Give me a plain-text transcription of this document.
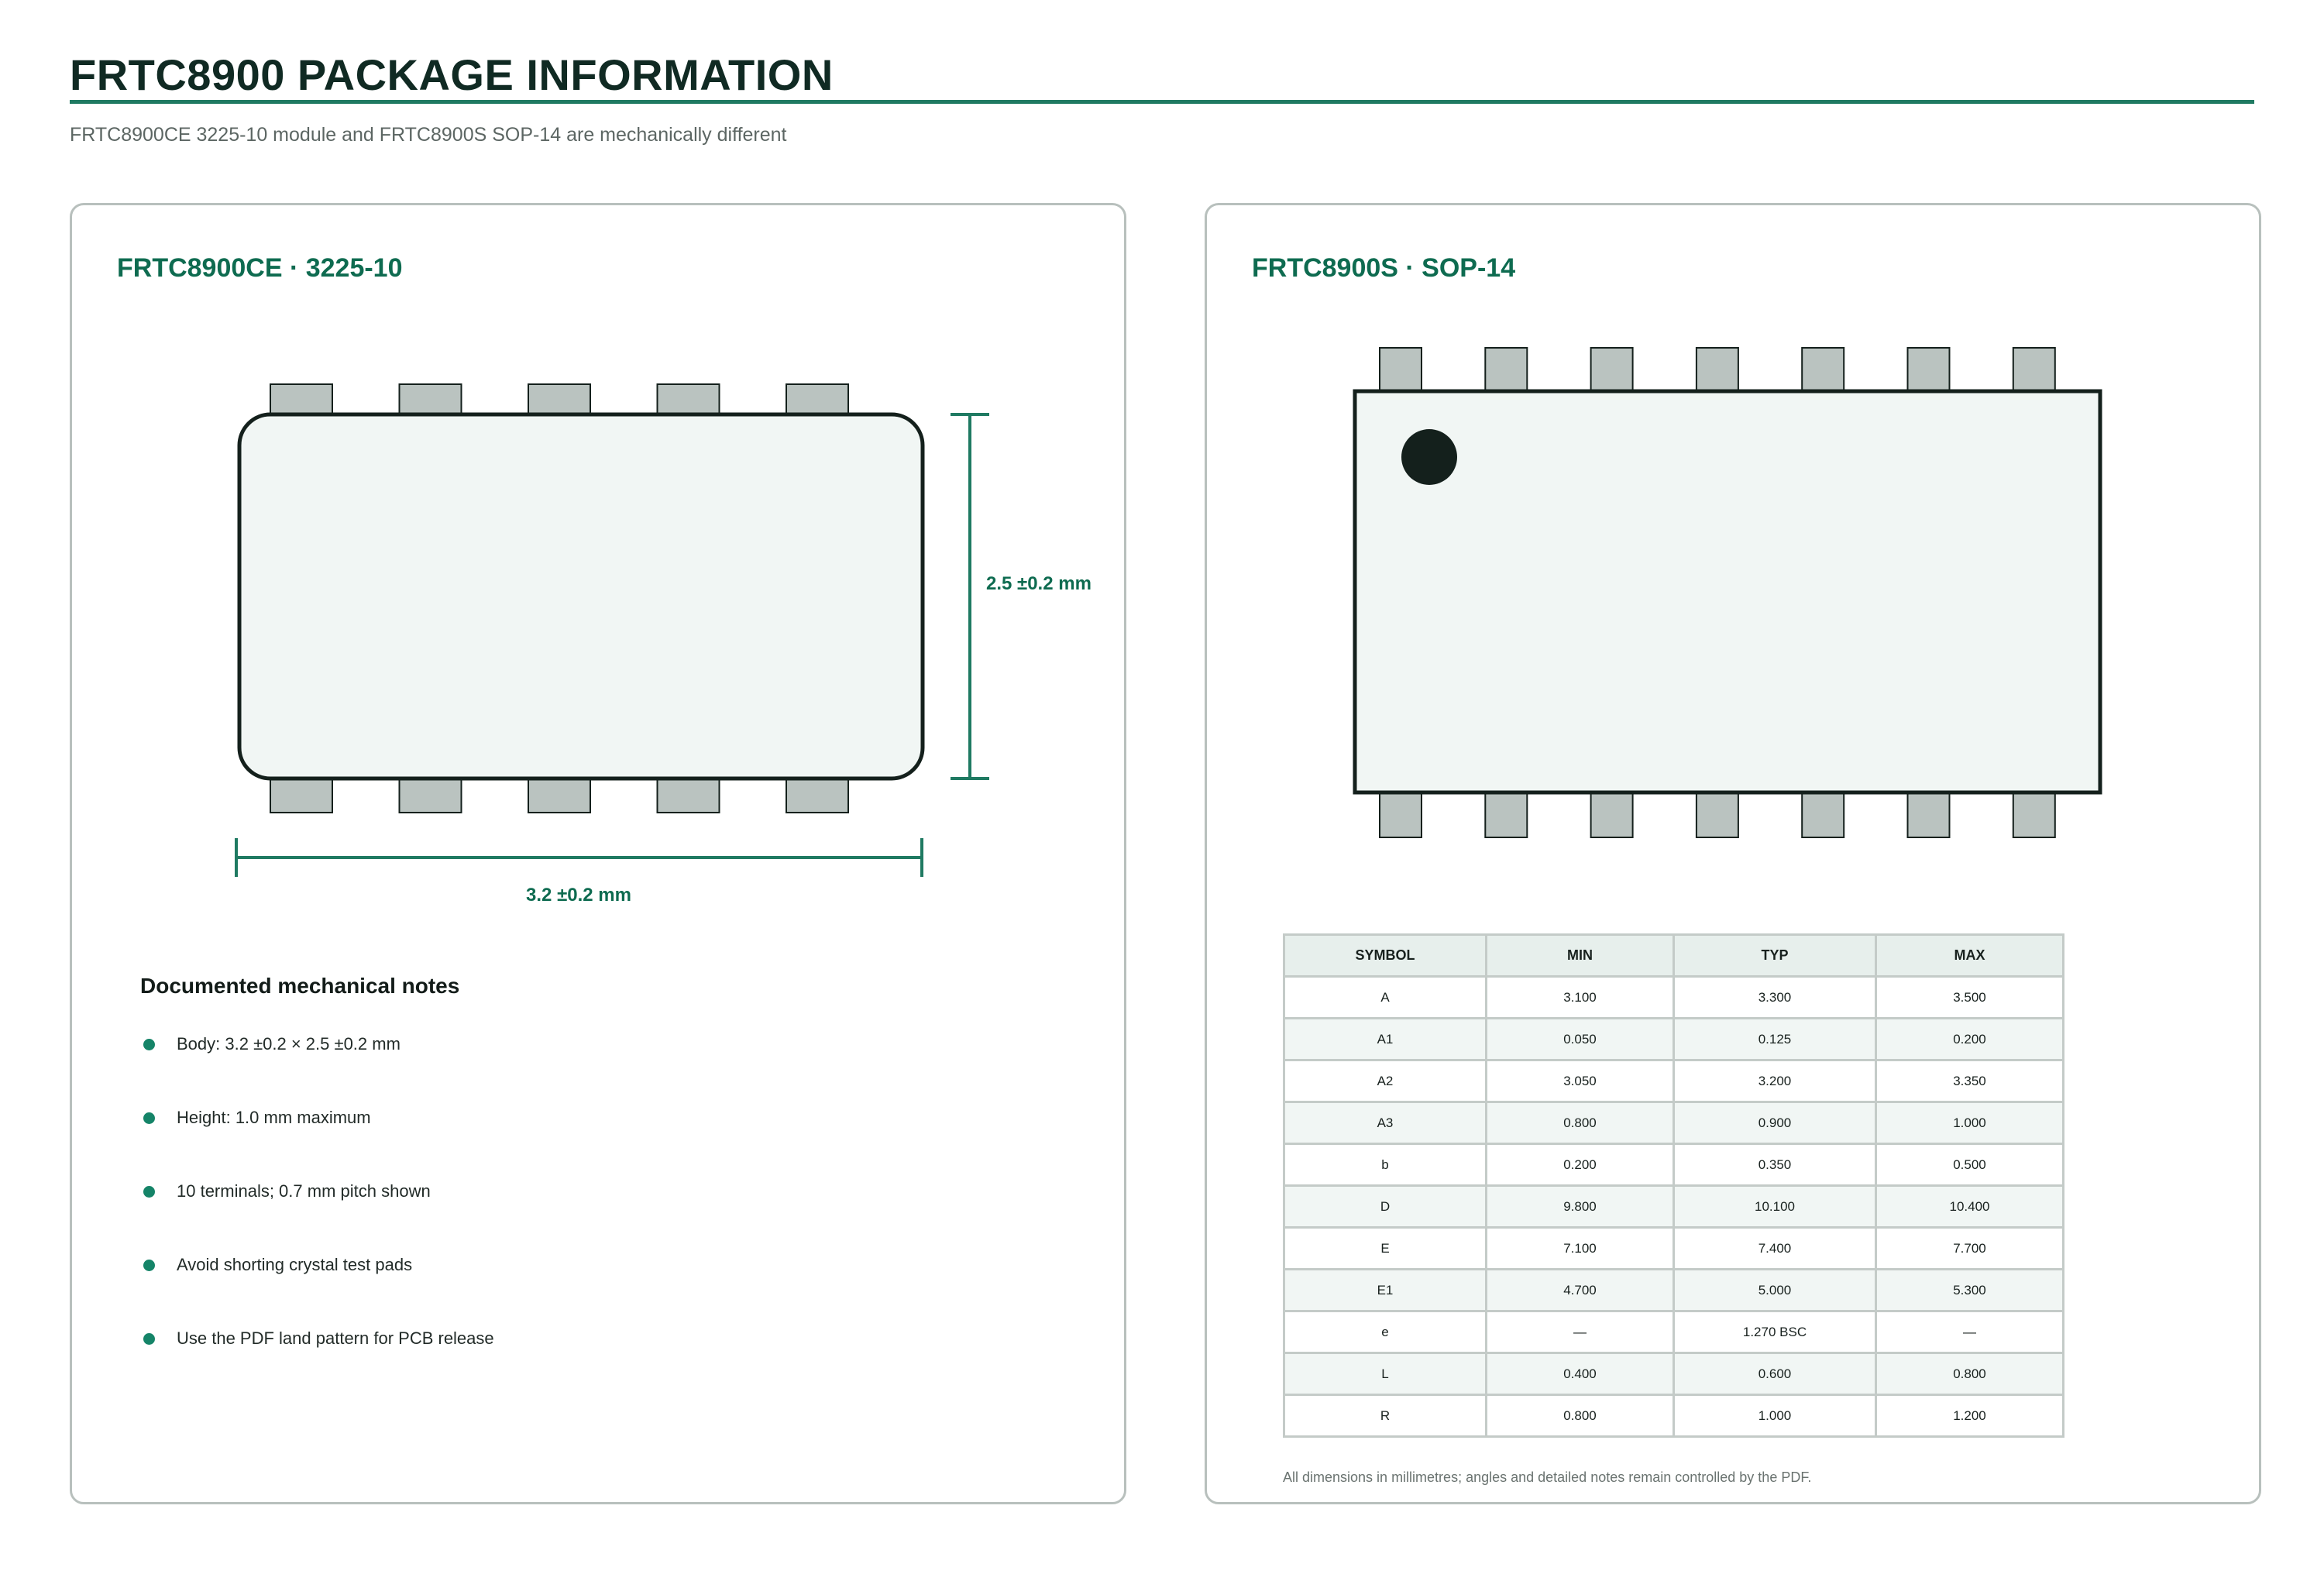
FRTC8900 PACKAGE INFORMATION
FRTC8900CE 3225-10 module and FRTC8900S SOP-14 are mechanically different
FRTC8900CE · 3225-10
2.5 ±0.2 mm
3.2 ±0.2 mm
Documented mechanical notes
Body: 3.2 ±0.2 × 2.5 ±0.2 mm
Height: 1.0 mm maximum
10 terminals; 0.7 mm pitch shown
Avoid shorting crystal test pads
Use the PDF land pattern for PCB release
FRTC8900S · SOP-14
SYMBOL	MIN	TYP	MAX
A	3.100	3.300	3.500
A1	0.050	0.125	0.200
A2	3.050	3.200	3.350
A3	0.800	0.900	1.000
b	0.200	0.350	0.500
D	9.800	10.100	10.400
E	7.100	7.400	7.700
E1	4.700	5.000	5.300
e	—	1.270 BSC	—
L	0.400	0.600	0.800
R	0.800	1.000	1.200
All dimensions in millimetres; angles and detailed notes remain controlled by the PDF.
